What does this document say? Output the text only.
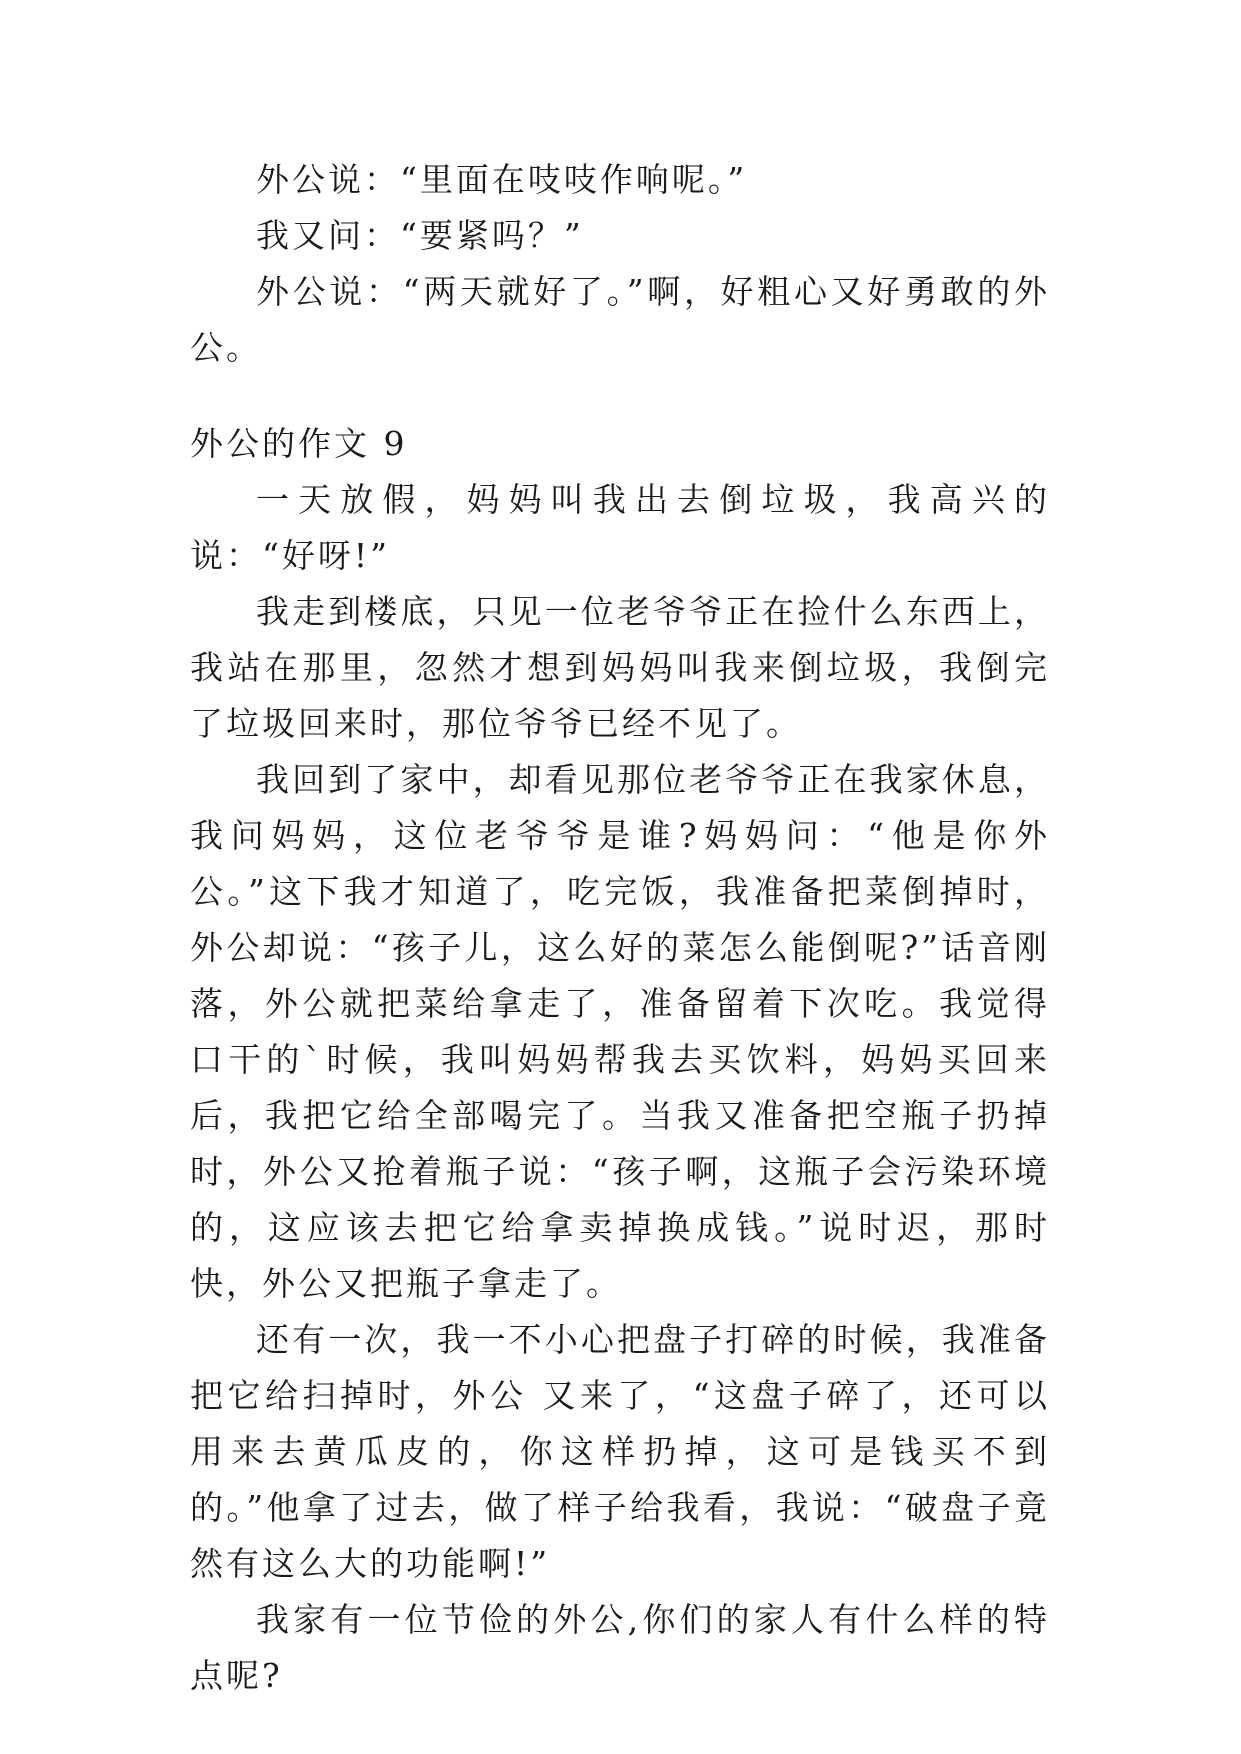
外公说：“里面在吱吱作响呢。”

我又问：“要紧吗？”

外公说：“两天就好了。”啊，好粗心又好勇敢的外公。

外公的作文 9

一天放假，妈妈叫我出去倒垃圾，我高兴的说：“好呀!”

我走到楼底，只见一位老爷爷正在捡什么东西上，我站在那里，忽然才想到妈妈叫我来倒垃圾，我倒完了垃圾回来时，那位爷爷已经不见了。

我回到了家中，却看见那位老爷爷正在我家休息，我问妈妈，这位老爷爷是谁?妈妈问：“他是你外公。”这下我才知道了，吃完饭，我准备把菜倒掉时，外公却说：“孩子儿，这么好的菜怎么能倒呢?”话音刚落，外公就把菜给拿走了，准备留着下次吃。我觉得口干的`时候，我叫妈妈帮我去买饮料，妈妈买回来后，我把它给全部喝完了。当我又准备把空瓶子扔掉时，外公又抢着瓶子说：“孩子啊，这瓶子会污染环境的，这应该去把它给拿卖掉换成钱。”说时迟，那时快，外公又把瓶子拿走了。

还有一次，我一不小心把盘子打碎的时候，我准备把它给扫掉时，外公 又来了，“这盘子碎了，还可以用来去黄瓜皮的，你这样扔掉，这可是钱买不到的。”他拿了过去，做了样子给我看，我说：“破盘子竟然有这么大的功能啊!”

我家有一位节俭的外公,你们的家人有什么样的特点呢?
